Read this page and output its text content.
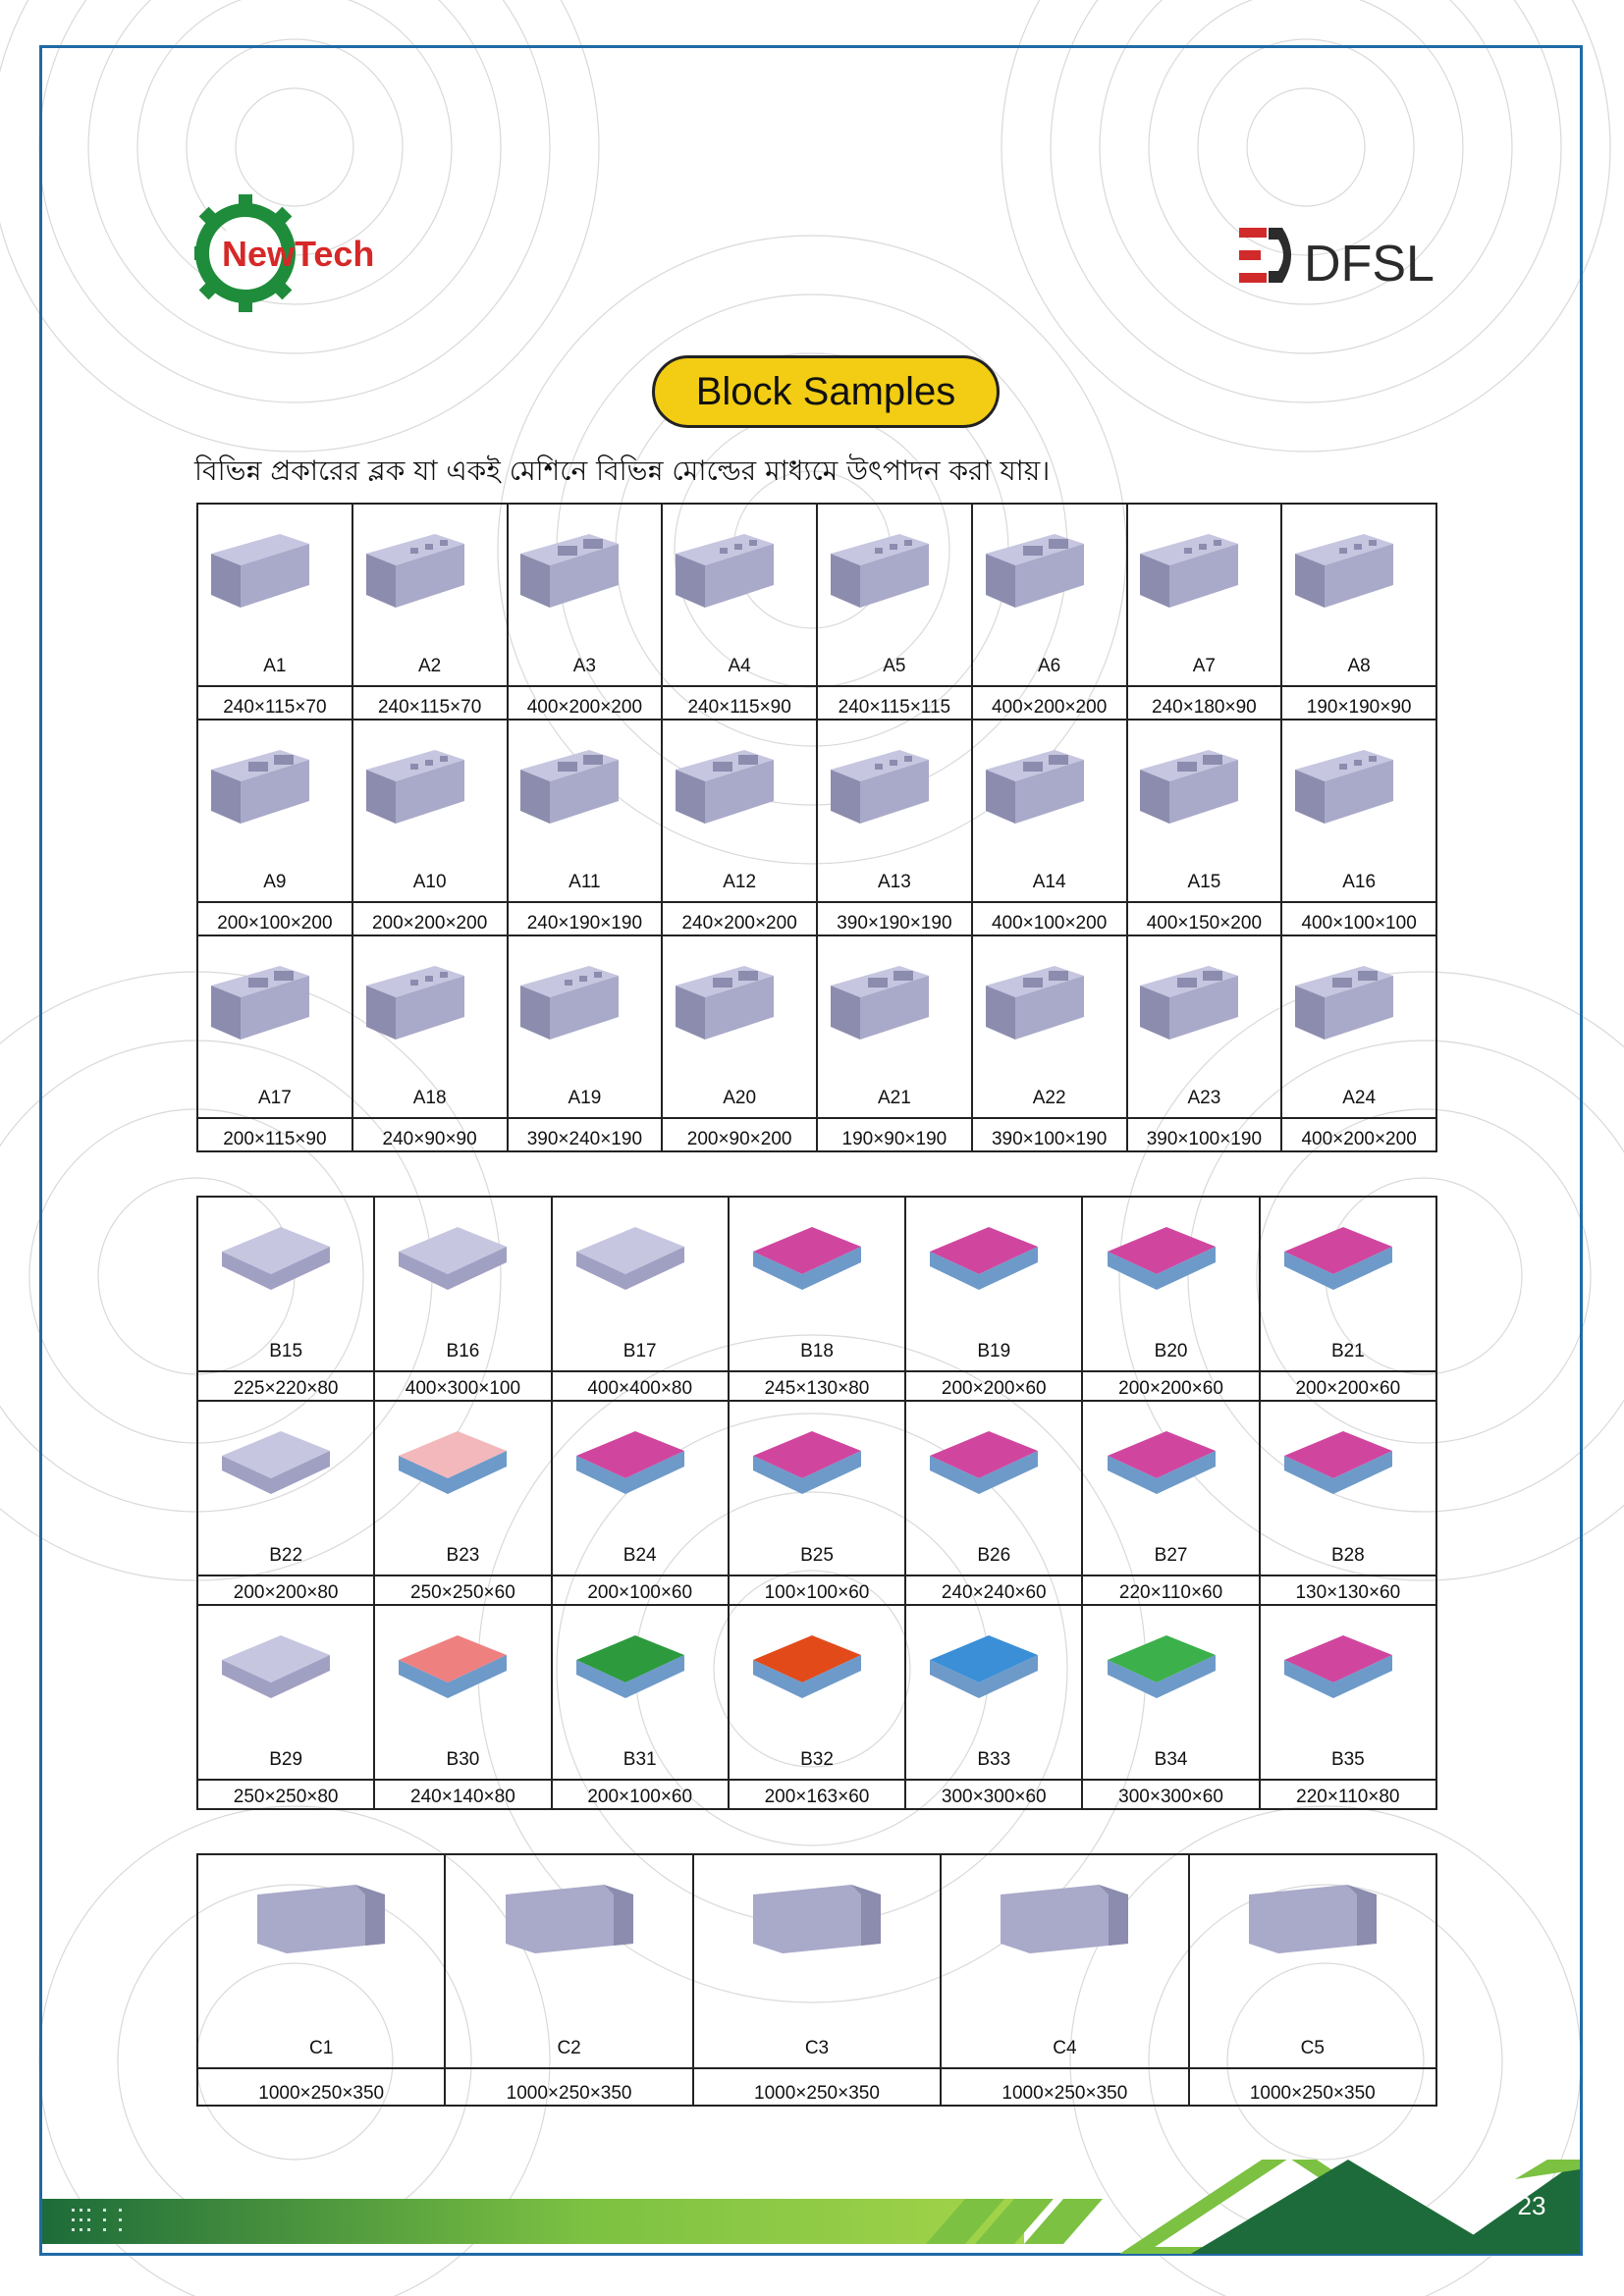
NewTech	DFSL
Block Samples
বিভিন্ন প্রকারের ব্লক যা একই মেশিনে বিভিন্ন মোল্ডের মাধ্যমে উৎপাদন করা যায়।
A1	A2	A3	A4	A5	A6	A7	A8

240×115×70	240×115×70	400×200×200	240×115×90	240×115×115	400×200×200	240×180×90	190×190×90

A9	A10	A11	A12	A13	A14	A15	A16

200×100×200	200×200×200	240×190×190	240×200×200	390×190×190	400×100×200	400×150×200	400×100×100

A17	A18	A19	A20	A21	A22	A23	A24

200×115×90	240×90×90	390×240×190	200×90×200	190×90×190	390×100×190	390×100×190	400×200×200
B15	B16	B17	B18	B19	B20	B21

225×220×80	400×300×100	400×400×80	245×130×80	200×200×60	200×200×60	200×200×60

B22	B23	B24	B25	B26	B27	B28

200×200×80	250×250×60	200×100×60	100×100×60	240×240×60	220×110×60	130×130×60

B29	B30	B31	B32	B33	B34	B35

250×250×80	240×140×80	200×100×60	200×163×60	300×300×60	300×300×60	220×110×80
C1	C2	C3	C4	C5

1000×250×350	1000×250×350	1000×250×350	1000×250×350	1000×250×350
23
